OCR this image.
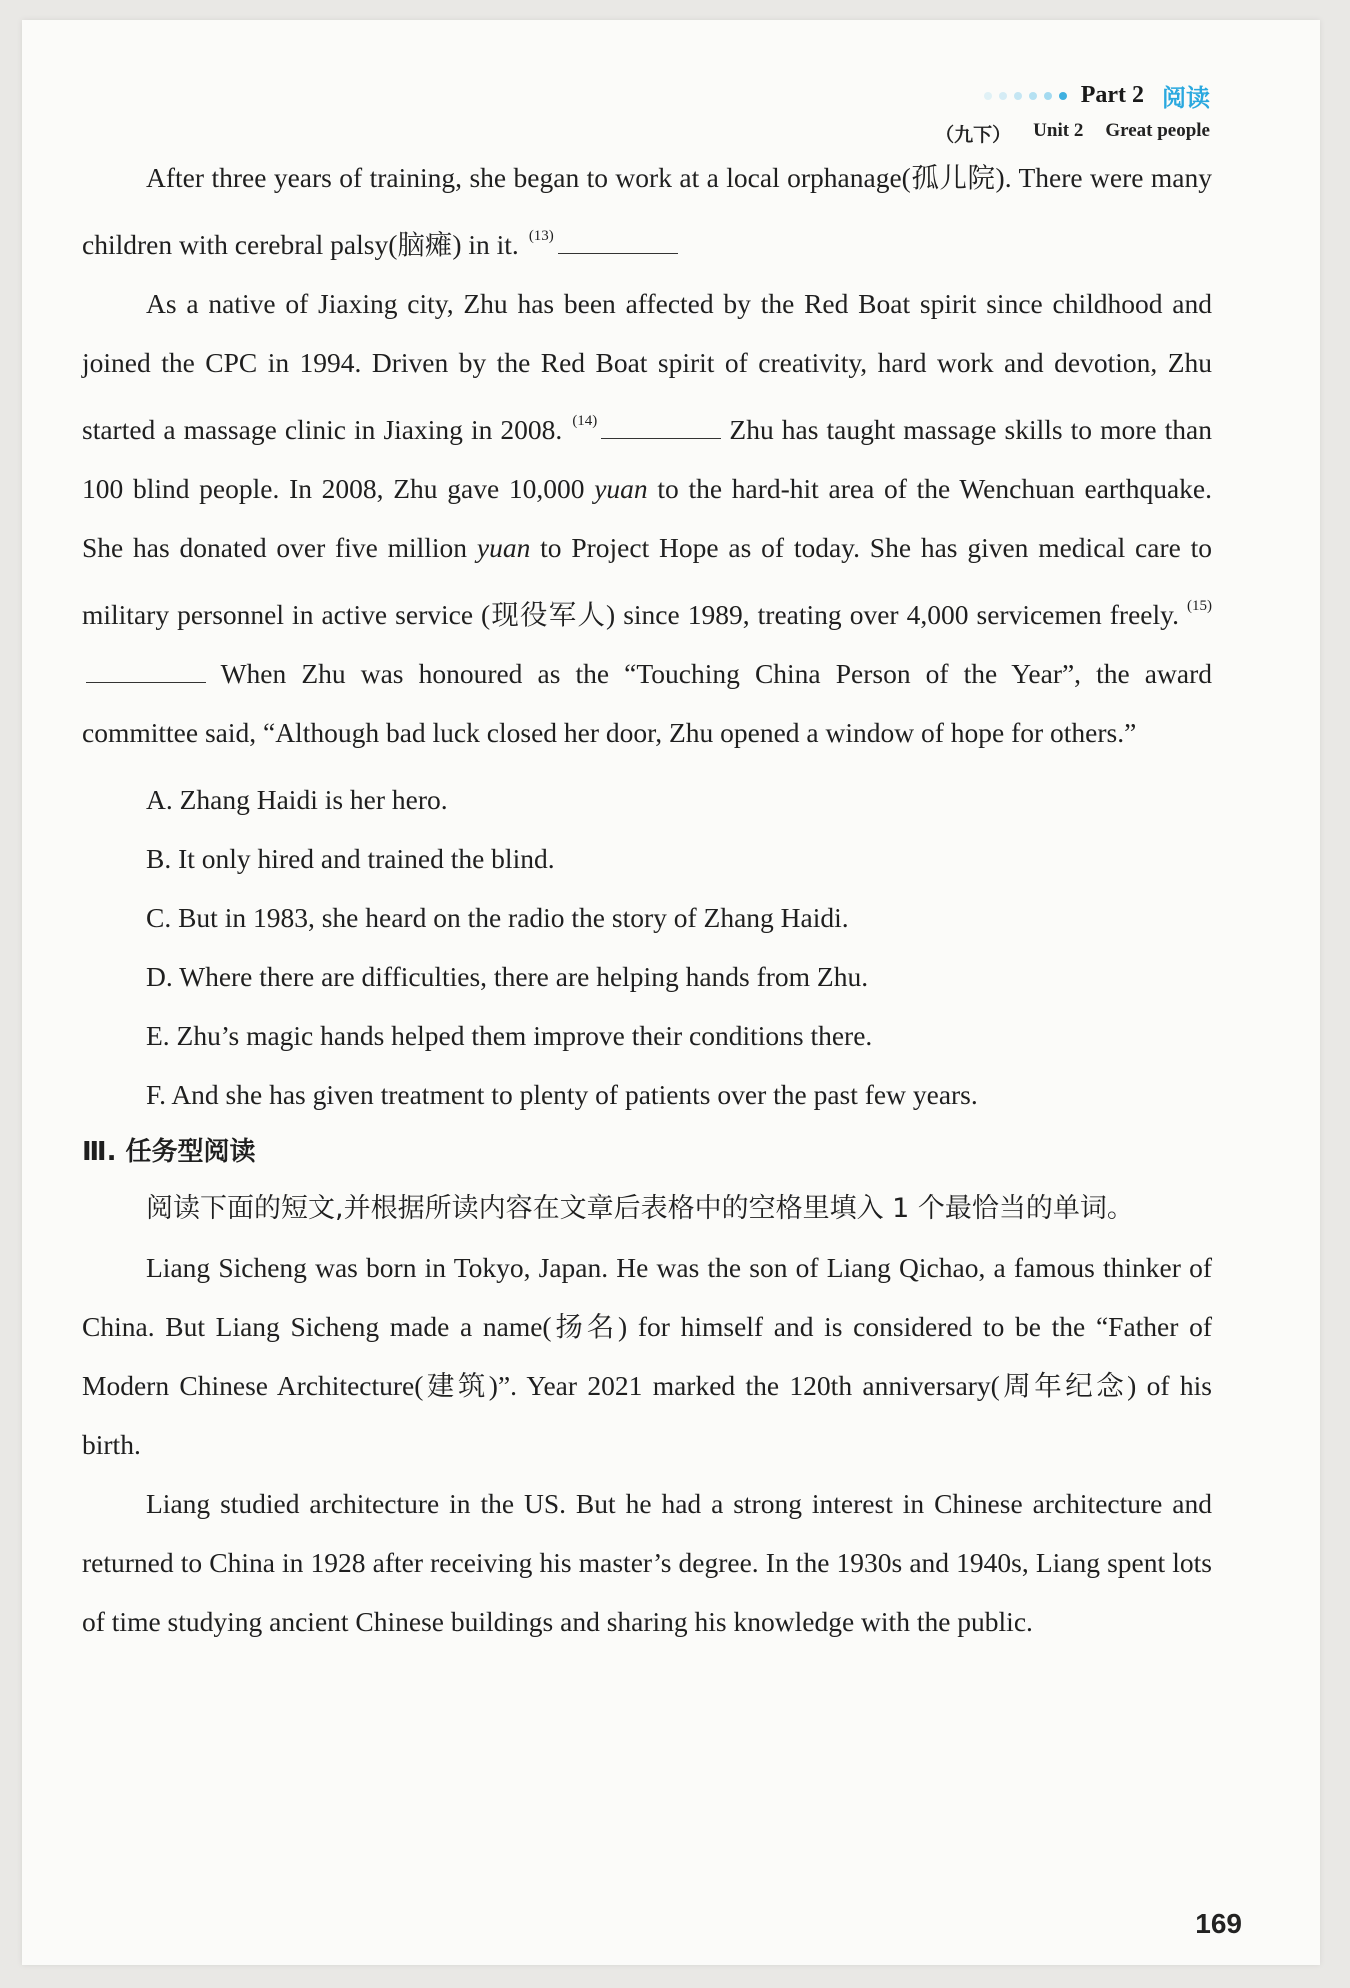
Part 2 阅读
（九下） Unit 2 Great people

After three years of training, she began to work at a local orphanage(孤儿院). There were many children with cerebral palsy(脑瘫) in it. $^{(13)}$

As a native of Jiaxing city, Zhu has been affected by the Red Boat spirit since childhood and joined the CPC in 1994. Driven by the Red Boat spirit of creativity, hard work and devotion, Zhu started a massage clinic in Jiaxing in 2008. $^{(14)}$	Zhu has taught massage skills to more than 100 blind people. In 2008, Zhu gave 10,000 yuan to the hard-hit area of the Wenchuan earthquake. She has donated over five million yuan to Project Hope as of today. She has given medical care to military personnel in active service (现役军人) since 1989, treating over 4,000 servicemen freely. $^{(15)}$ When Zhu was honoured as the “Touching China Person of the Year”, the award committee said, “Although bad luck closed her door, Zhu opened a window of hope for others.”

A. Zhang Haidi is her hero.
B. It only hired and trained the blind.
C. But in 1983, she heard on the radio the story of Zhang Haidi.
D. Where there are difficulties, there are helping hands from Zhu.
E. Zhu’s magic hands helped them improve their conditions there.
F. And she has given treatment to plenty of patients over the past few years.
Ⅲ. 任务型阅读

阅读下面的短文,并根据所读内容在文章后表格中的空格里填入 1 个最恰当的单词。

Liang Sicheng was born in Tokyo, Japan. He was the son of Liang Qichao, a famous thinker of China. But Liang Sicheng made a name(扬名) for himself and is considered to be the “Father of Modern Chinese Architecture(建筑)”. Year 2021 marked the 120th anniversary(周年纪念) of his birth.

Liang studied architecture in the US. But he had a strong interest in Chinese architecture and returned to China in 1928 after receiving his master’s degree. In the 1930s and 1940s, Liang spent lots of time studying ancient Chinese buildings and sharing his knowledge with the public.

169
